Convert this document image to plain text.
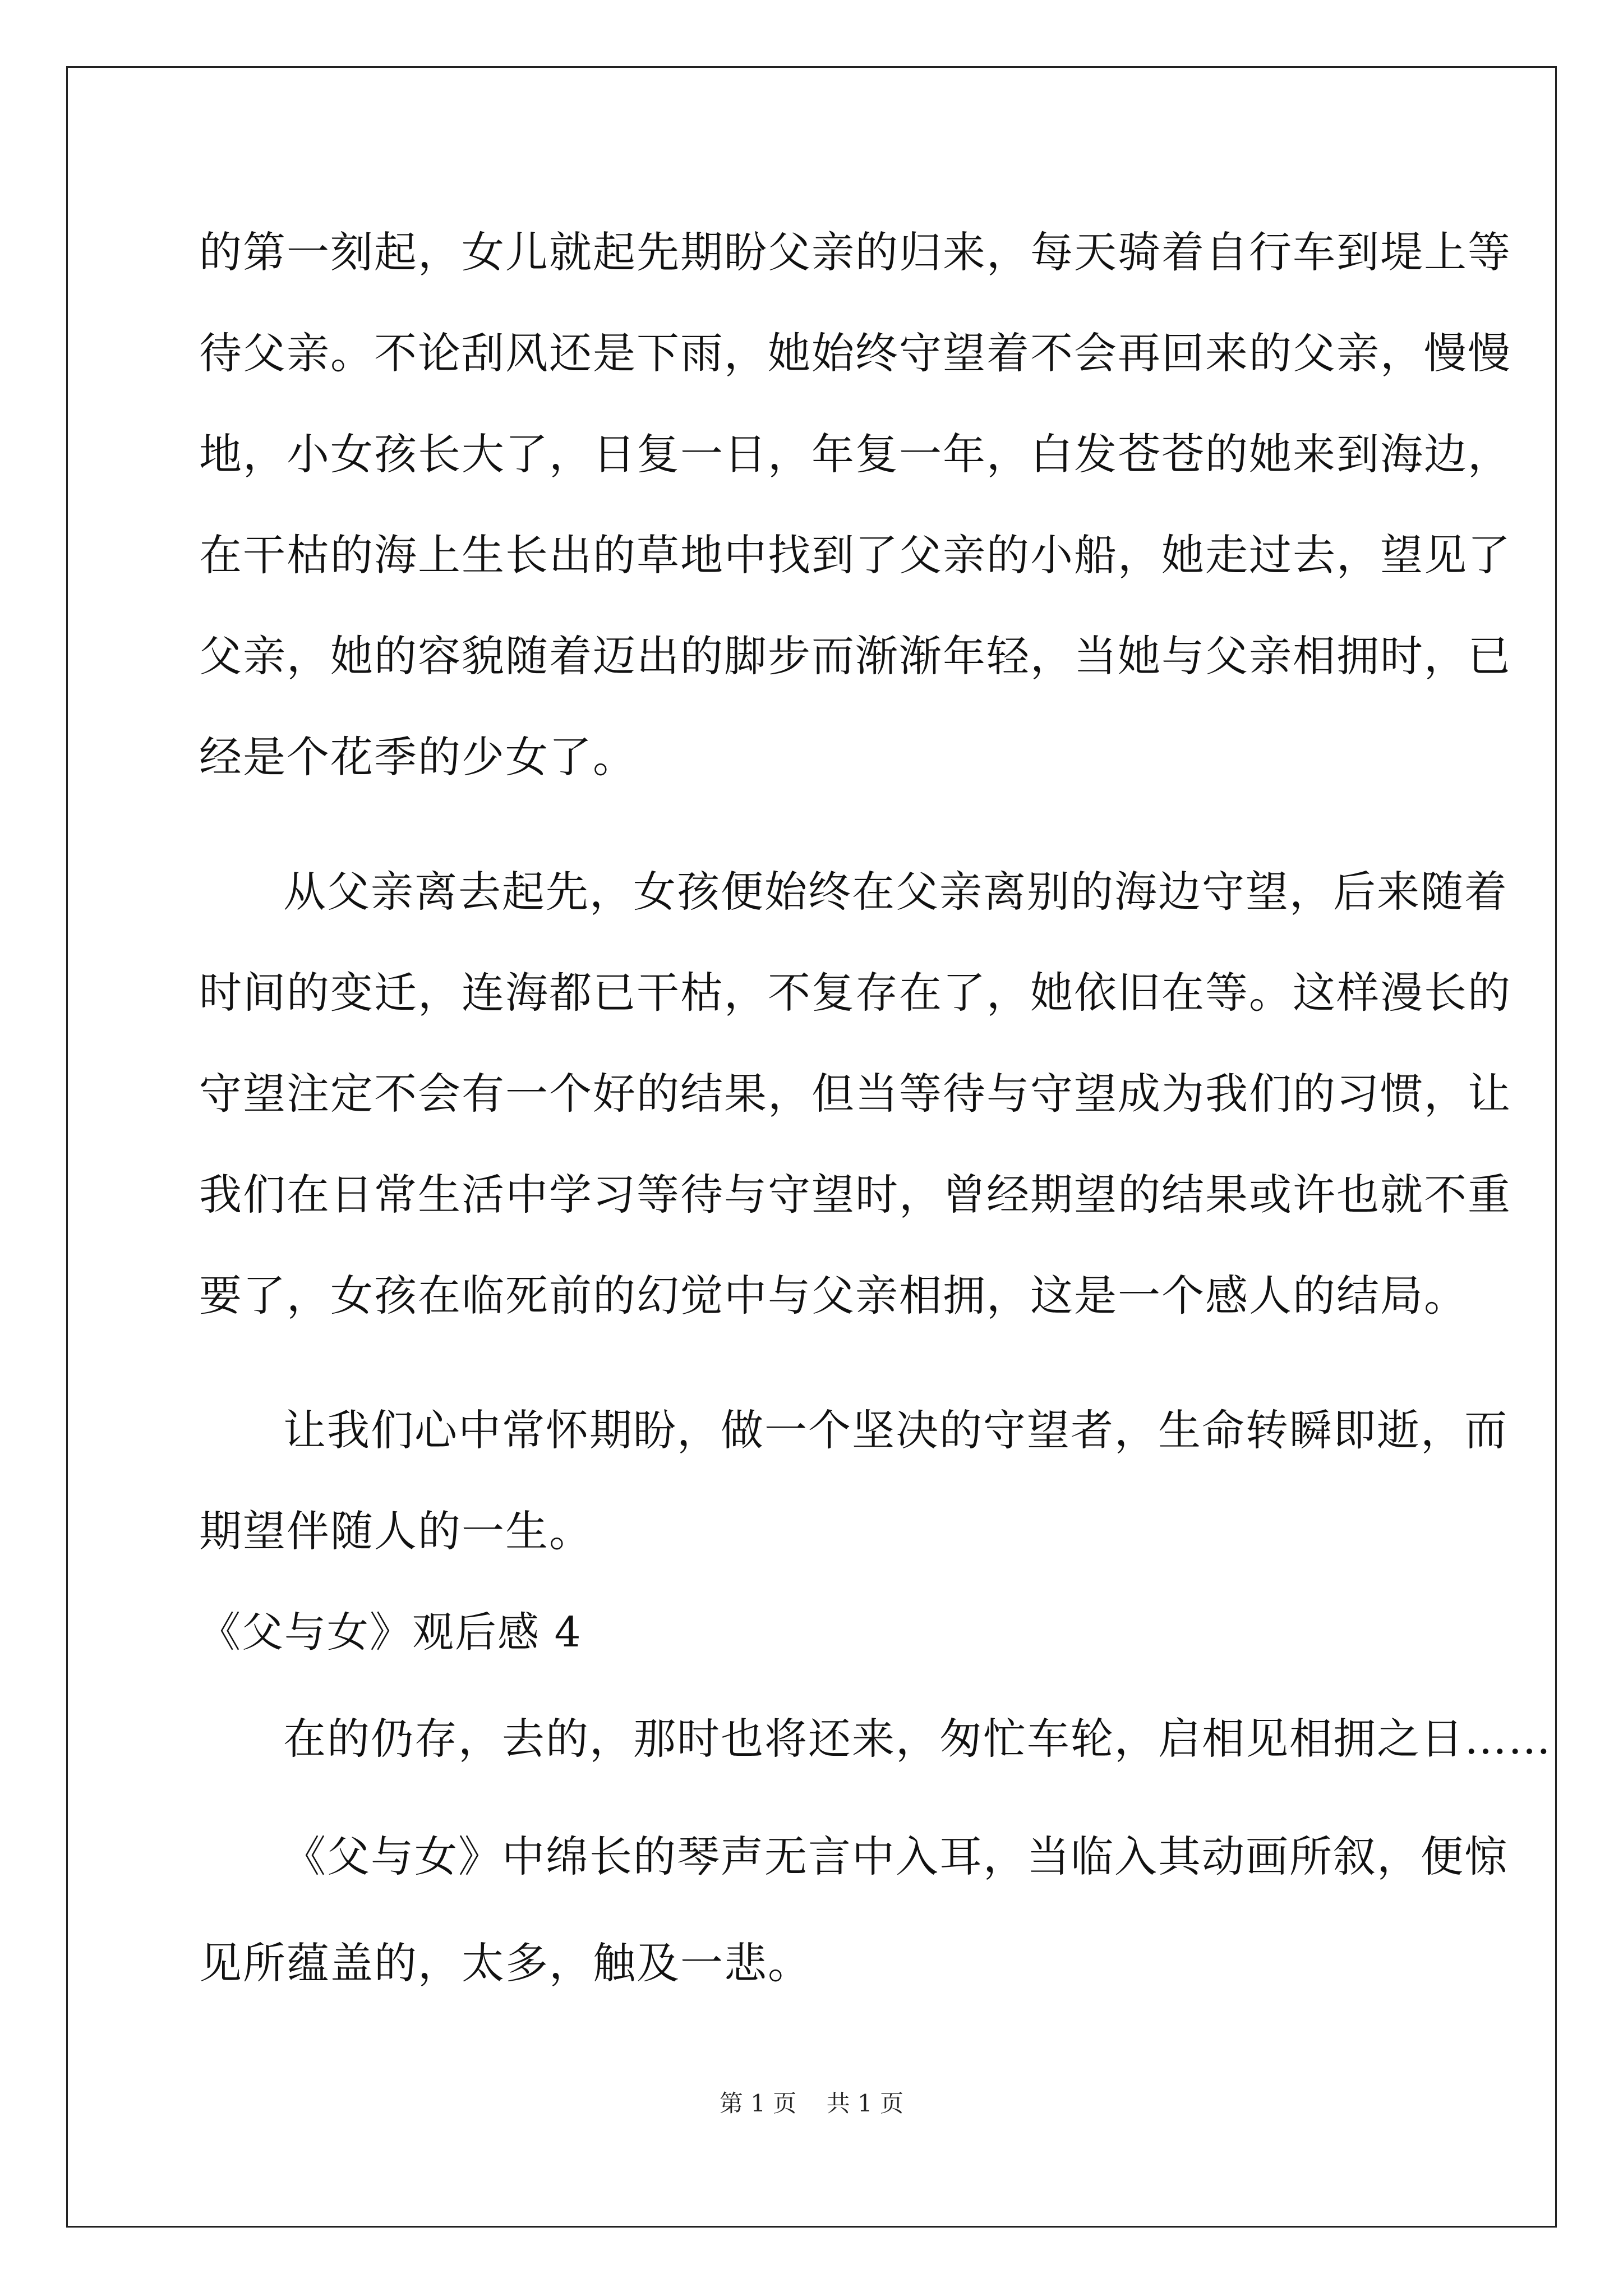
的第一刻起，女儿就起先期盼父亲的归来，每天骑着自行车到堤上等
待父亲。不论刮风还是下雨，她始终守望着不会再回来的父亲，慢慢
地，小女孩长大了，日复一日，年复一年，白发苍苍的她来到海边，
在干枯的海上生长出的草地中找到了父亲的小船，她走过去，望见了
父亲，她的容貌随着迈出的脚步而渐渐年轻，当她与父亲相拥时，已
经是个花季的少女了。
从父亲离去起先，女孩便始终在父亲离别的海边守望，后来随着
时间的变迁，连海都已干枯，不复存在了，她依旧在等。这样漫长的
守望注定不会有一个好的结果，但当等待与守望成为我们的习惯，让
我们在日常生活中学习等待与守望时，曾经期望的结果或许也就不重
要了，女孩在临死前的幻觉中与父亲相拥，这是一个感人的结局。
让我们心中常怀期盼，做一个坚决的守望者，生命转瞬即逝，而
期望伴随人的一生。
《父与女》观后感 4
在的仍存，去的，那时也将还来，匆忙车轮，启相见相拥之日……
《父与女》中绵长的琴声无言中入耳，当临入其动画所叙，便惊
见所蕴盖的，太多，触及一悲。
第 1 页 共 1 页
